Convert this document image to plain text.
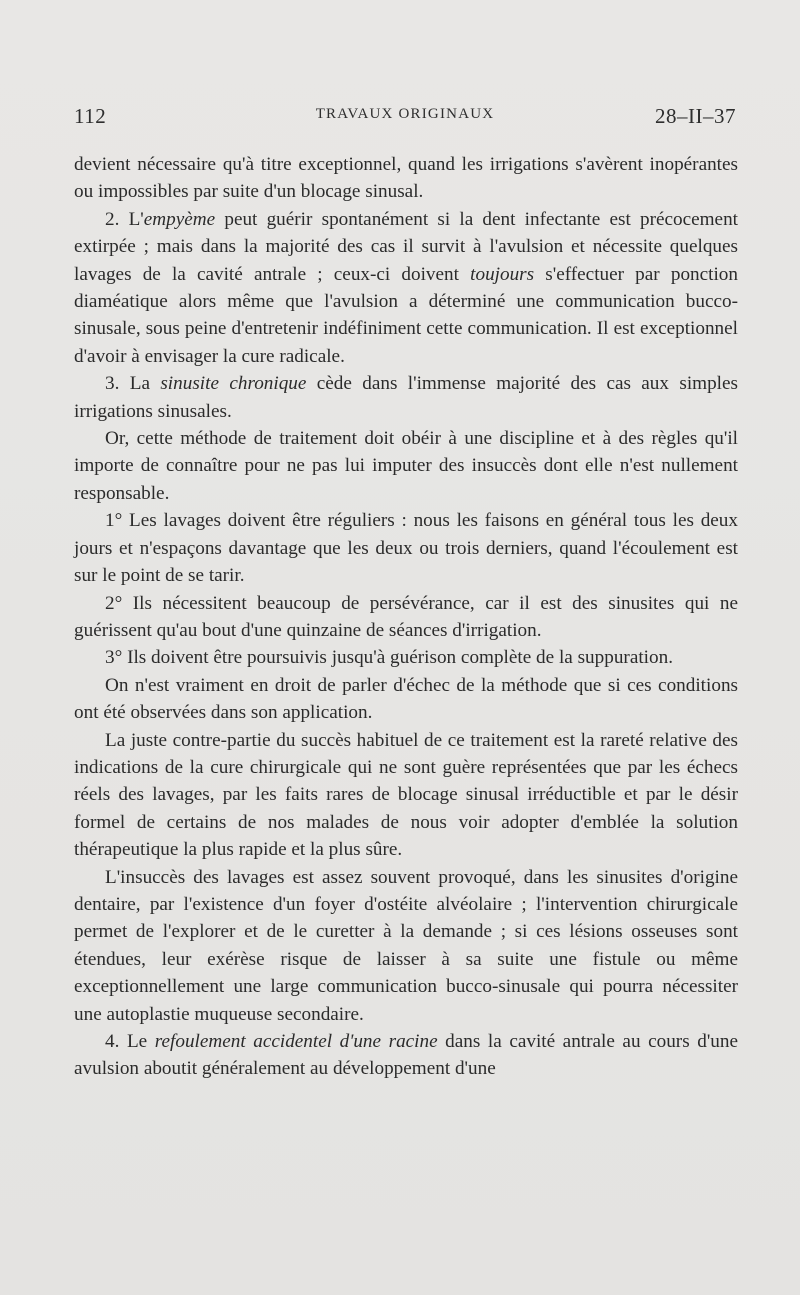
112	TRAVAUX ORIGINAUX	28–II–37

devient nécessaire qu'à titre exceptionnel, quand les irrigations s'avèrent inopérantes ou impossibles par suite d'un blocage sinusal.

2. L'empyème peut guérir spontanément si la dent infectante est précocement extirpée ; mais dans la majorité des cas il survit à l'avulsion et nécessite quelques lavages de la cavité antrale ; ceux-ci doivent toujours s'effectuer par ponction diaméatique alors même que l'avulsion a déterminé une communication bucco-sinusale, sous peine d'entretenir indéfiniment cette communication. Il est exceptionnel d'avoir à envisager la cure radicale.

3. La sinusite chronique cède dans l'immense majorité des cas aux simples irrigations sinusales.

Or, cette méthode de traitement doit obéir à une discipline et à des règles qu'il importe de connaître pour ne pas lui imputer des insuccès dont elle n'est nullement responsable.

1° Les lavages doivent être réguliers : nous les faisons en général tous les deux jours et n'espaçons davantage que les deux ou trois derniers, quand l'écoulement est sur le point de se tarir.

2° Ils nécessitent beaucoup de persévérance, car il est des sinusites qui ne guérissent qu'au bout d'une quinzaine de séances d'irrigation.

3° Ils doivent être poursuivis jusqu'à guérison complète de la suppuration.

On n'est vraiment en droit de parler d'échec de la méthode que si ces conditions ont été observées dans son application.

La juste contre-partie du succès habituel de ce traitement est la rareté relative des indications de la cure chirurgicale qui ne sont guère représentées que par les échecs réels des lavages, par les faits rares de blocage sinusal irréductible et par le désir formel de certains de nos malades de nous voir adopter d'emblée la solution thérapeutique la plus rapide et la plus sûre.

L'insuccès des lavages est assez souvent provoqué, dans les sinusites d'origine dentaire, par l'existence d'un foyer d'ostéite alvéolaire ; l'intervention chirurgicale permet de l'explorer et de le curetter à la demande ; si ces lésions osseuses sont étendues, leur exérèse risque de laisser à sa suite une fistule ou même exceptionnellement une large communication bucco-sinusale qui pourra nécessiter une autoplastie muqueuse secondaire.

4. Le refoulement accidentel d'une racine dans la cavité antrale au cours d'une avulsion aboutit généralement au développement d'une
